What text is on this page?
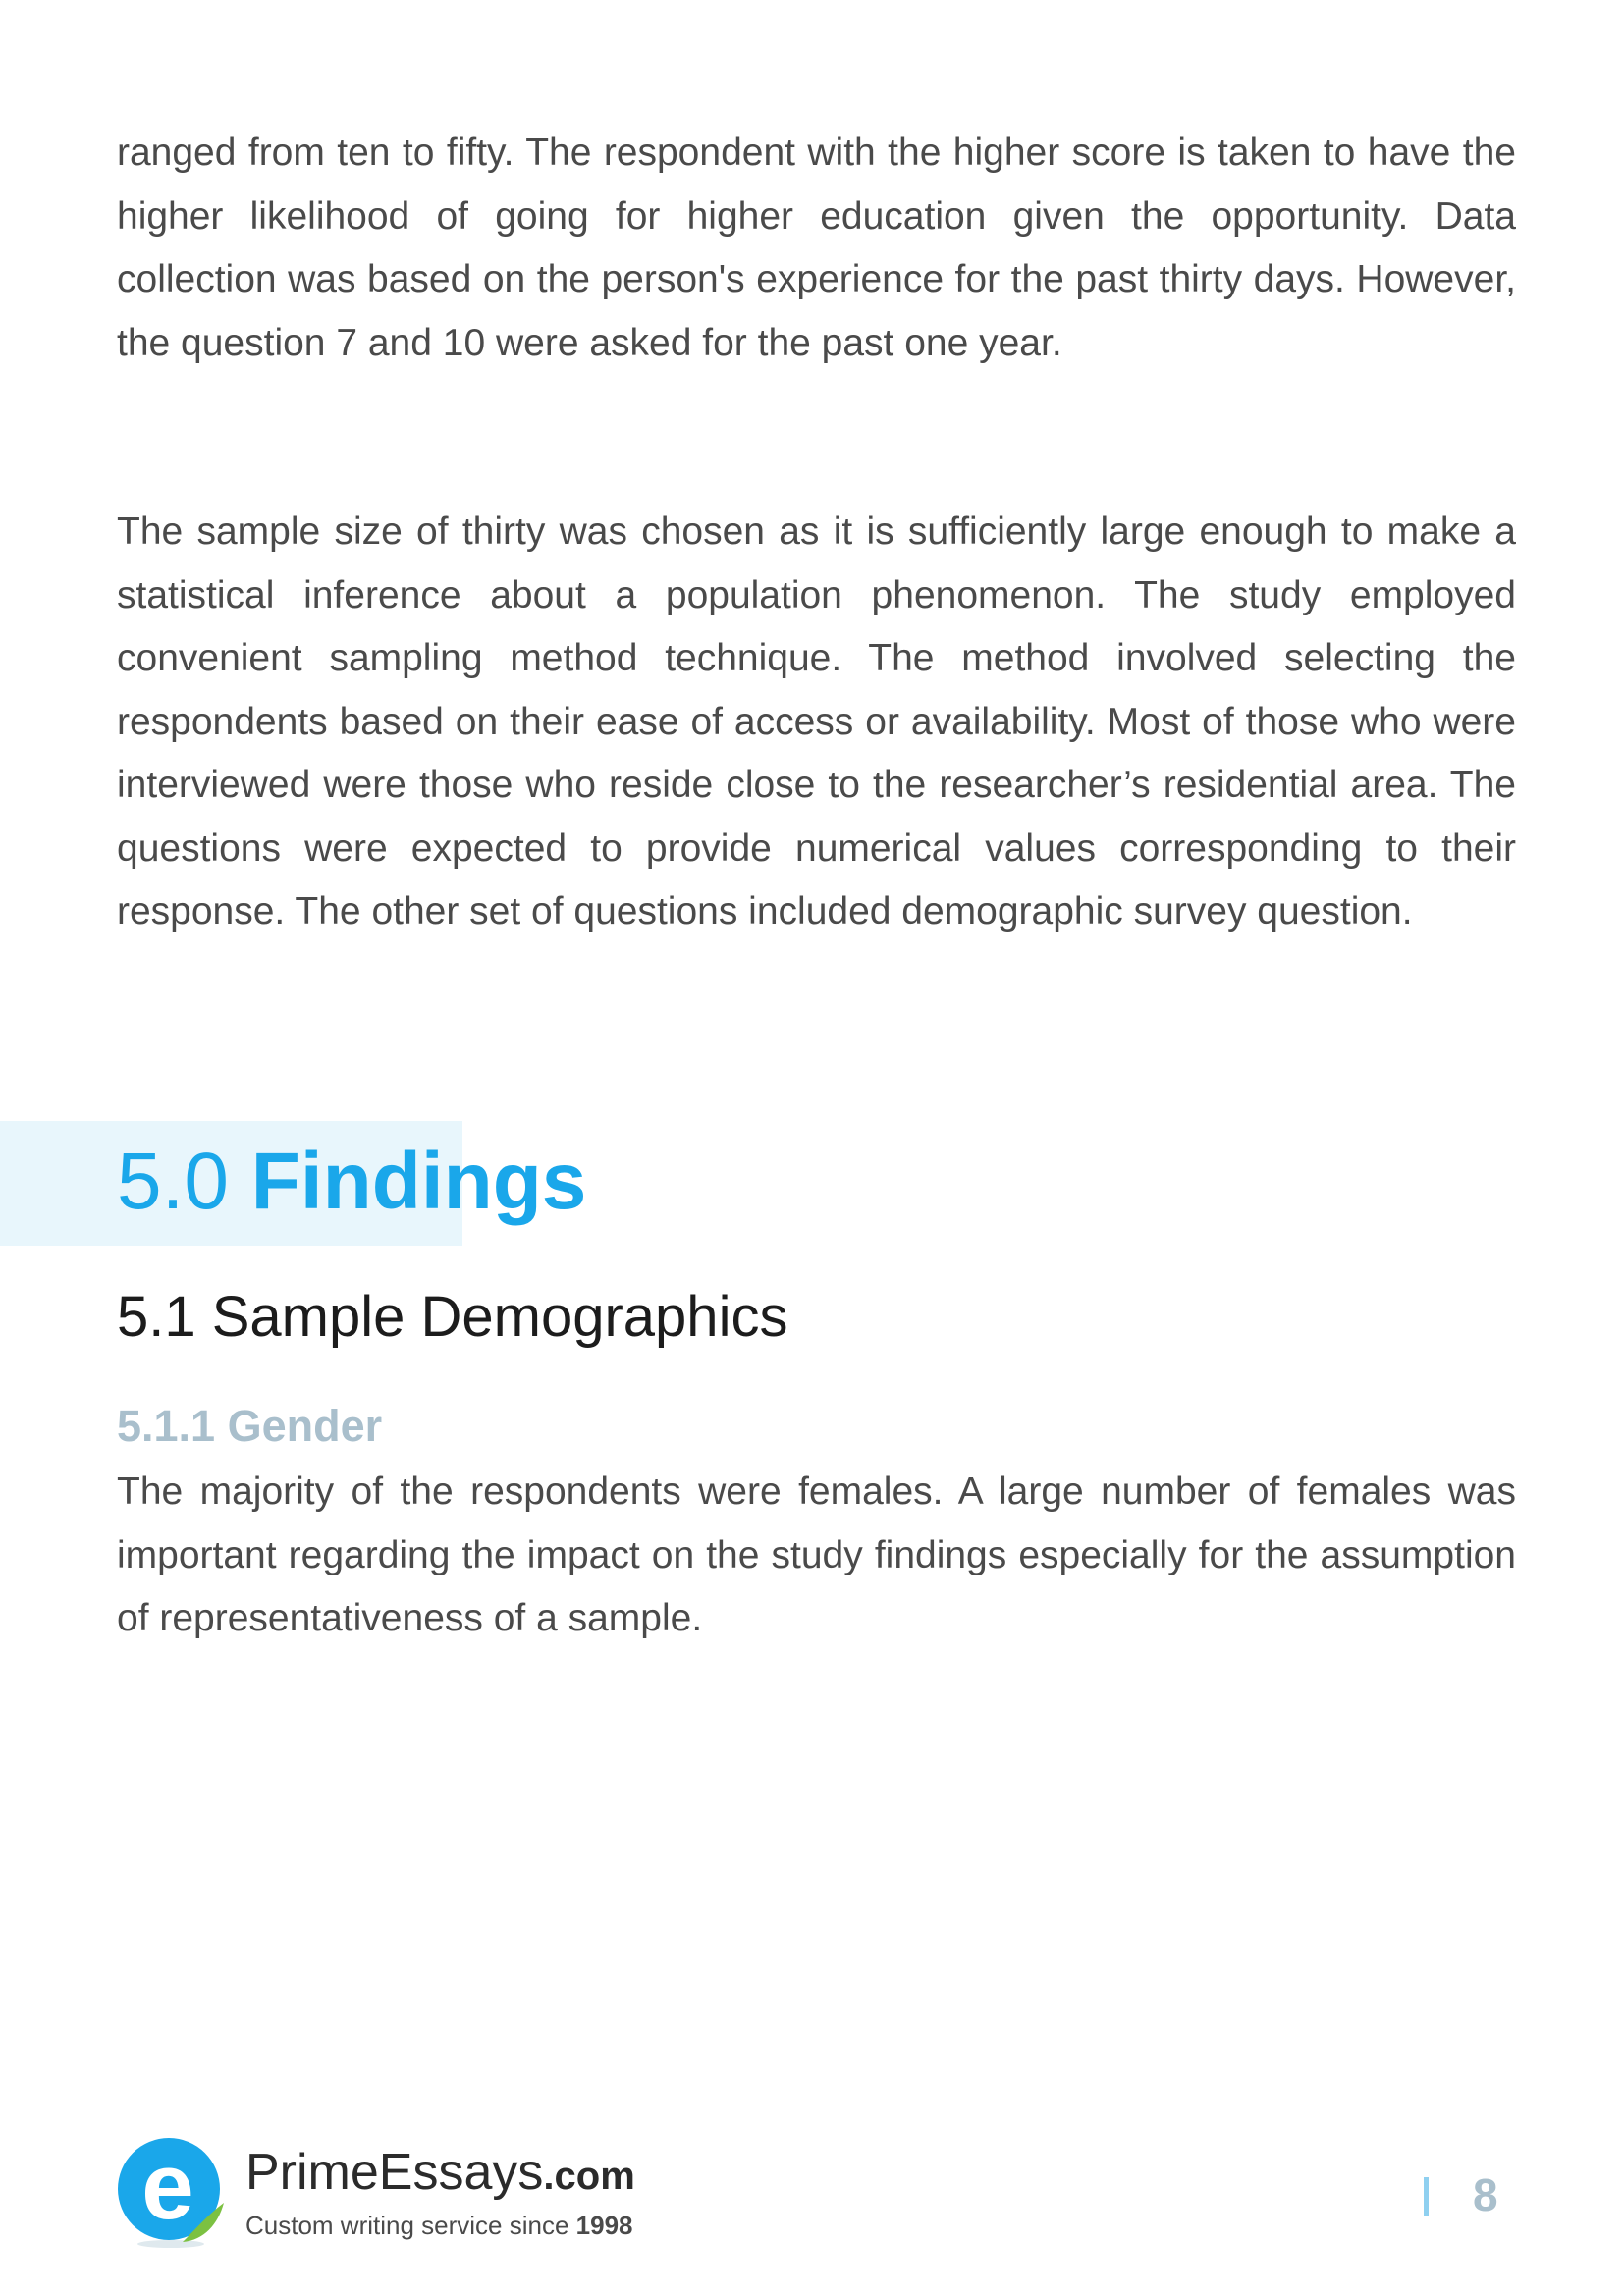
ranged from ten to fifty. The respondent with the higher score is taken to have the higher likelihood of going for higher education given the opportunity. Data collection was based on the person's experience for the past thirty days. However, the question 7 and 10 were asked for the past one year.

The sample size of thirty was chosen as it is sufficiently large enough to make a statistical inference about a population phenomenon. The study employed convenient sampling method technique. The method involved selecting the respondents based on their ease of access or availability. Most of those who were interviewed were those who reside close to the researcher’s residential area. The questions were expected to provide numerical values corresponding to their response. The other set of questions included demographic survey question.

5.0 Findings
5.1 Sample Demographics
5.1.1 Gender

The majority of the respondents were females. A large number of females was important regarding the impact on the study findings especially for the assumption of representativeness of a sample.

e PrimeEssays.com
Custom writing service since 1998
8
